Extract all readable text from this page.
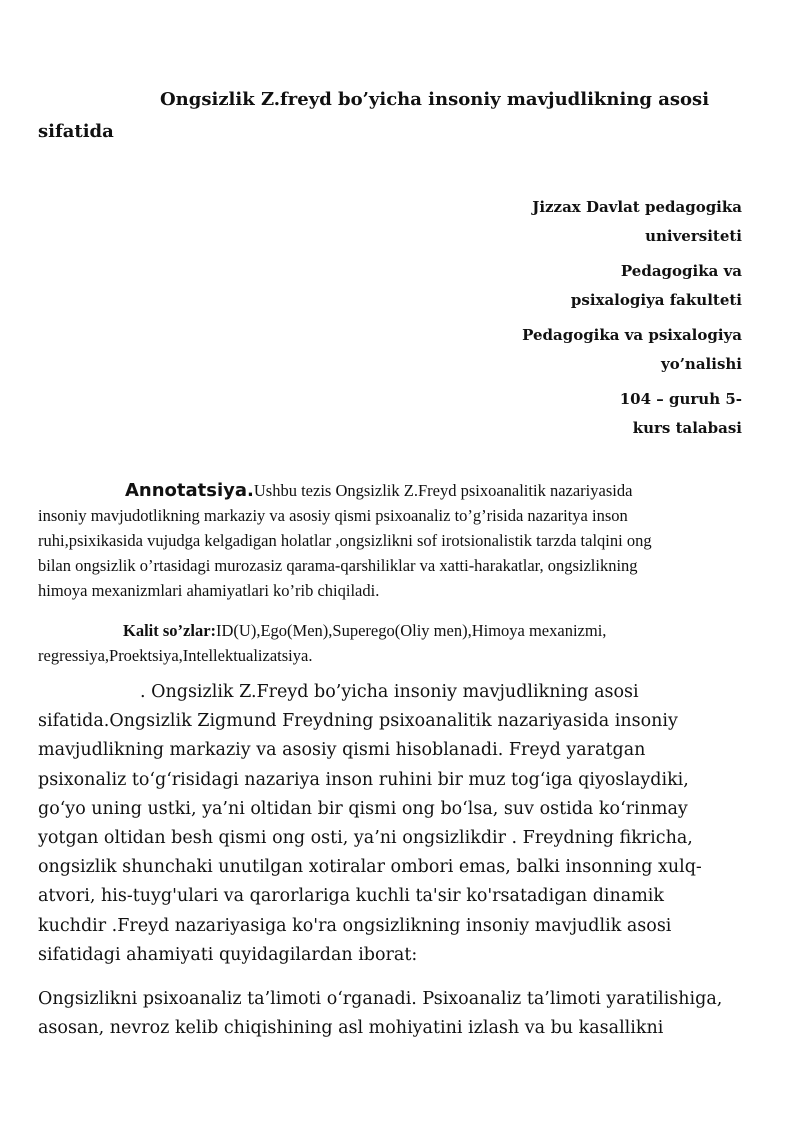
Ongsizlik Z.freyd bo’yicha insoniy mavjudlikning asosi
sifatida
Jizzax Davlat pedagogika
universiteti
Pedagogika va
psixalogiya fakulteti
Pedagogika va psixalogiya
yo’nalishi
104 – guruh 5-
kurs talabasi
Annotatsiya.Ushbu tezis Ongsizlik Z.Freyd psixoanalitik nazariyasida
insoniy mavjudotlikning markaziy va asosiy qismi psixoanaliz to’g’risida nazaritya inson
ruhi,psixikasida vujudga kelgadigan holatlar ,ongsizlikni sof irotsionalistik tarzda talqini ong
bilan ongsizlik o’rtasidagi murozasiz qarama-qarshiliklar va xatti-harakatlar, ongsizlikning
himoya mexanizmlari ahamiyatlari ko’rib chiqiladi.
Kalit so’zlar:ID(U),Ego(Men),Superego(Oliy men),Himoya mexanizmi,
regressiya,Proektsiya,Intellektualizatsiya.
. Ongsizlik Z.Freyd bo’yicha insoniy mavjudlikning asosi
sifatida.Ongsizlik Zigmund Freydning psixoanalitik nazariyasida insoniy
mavjudlikning markaziy va asosiy qismi hisoblanadi. Freyd yaratgan
psixonaliz toʻgʻrisidagi nazariya inson ruhini bir muz togʻiga qiyoslaydiki,
goʻyo uning ustki, ya’ni oltidan bir qismi ong boʻlsa, suv ostida koʻrinmay
yotgan oltidan besh qismi ong osti, ya’ni ongsizlikdir . Freydning fikricha,
ongsizlik shunchaki unutilgan xotiralar ombori emas, balki insonning xulq-
atvori, his-tuyg'ulari va qarorlariga kuchli ta'sir ko'rsatadigan dinamik
kuchdir .Freyd nazariyasiga ko'ra ongsizlikning insoniy mavjudlik asosi
sifatidagi ahamiyati quyidagilardan iborat:
Ongsizlikni psixoanaliz ta’limoti oʻrganadi. Psixoanaliz ta’limoti yaratilishiga,
asosan, nevroz kelib chiqishining asl mohiyatini izlash va bu kasallikni
